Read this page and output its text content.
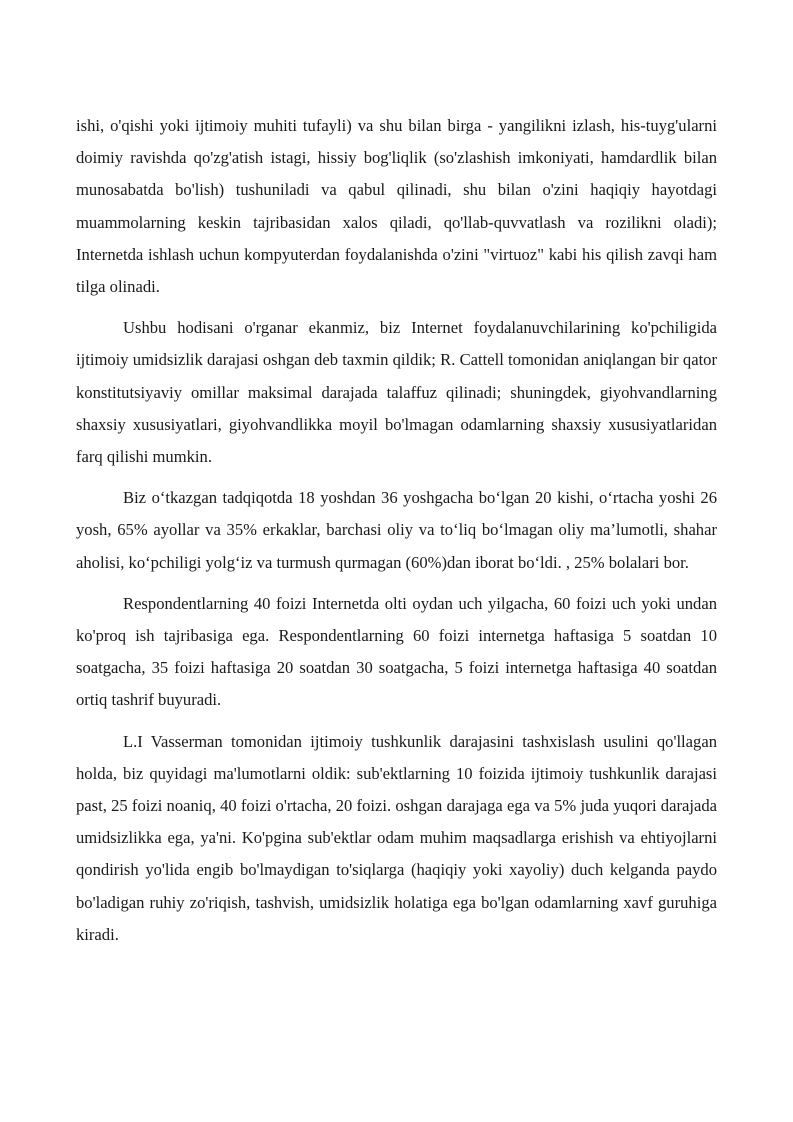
ishi, o'qishi yoki ijtimoiy muhiti tufayli) va shu bilan birga - yangilikni izlash, his-tuyg'ularni doimiy ravishda qo'zg'atish istagi, hissiy bog'liqlik (so'zlashish imkoniyati, hamdardlik bilan munosabatda bo'lish) tushuniladi va qabul qilinadi, shu bilan o'zini haqiqiy hayotdagi muammolarning keskin tajribasidan xalos qiladi, qo'llab-quvvatlash va rozilikni oladi); Internetda ishlash uchun kompyuterdan foydalanishda o'zini "virtuoz" kabi his qilish zavqi ham tilga olinadi.

Ushbu hodisani o'rganar ekanmiz, biz Internet foydalanuvchilarining ko'pchiligida ijtimoiy umidsizlik darajasi oshgan deb taxmin qildik; R. Cattell tomonidan aniqlangan bir qator konstitutsiyaviy omillar maksimal darajada talaffuz qilinadi; shuningdek, giyohvandlarning shaxsiy xususiyatlari, giyohvandlikka moyil bo'lmagan odamlarning shaxsiy xususiyatlaridan farq qilishi mumkin.

Biz o‘tkazgan tadqiqotda 18 yoshdan 36 yoshgacha bo‘lgan 20 kishi, o‘rtacha yoshi 26 yosh, 65% ayollar va 35% erkaklar, barchasi oliy va to‘liq bo‘lmagan oliy ma’lumotli, shahar aholisi, ko‘pchiligi yolg‘iz va turmush qurmagan (60%)dan iborat bo‘ldi. , 25% bolalari bor.

Respondentlarning 40 foizi Internetda olti oydan uch yilgacha, 60 foizi uch yoki undan ko'proq ish tajribasiga ega. Respondentlarning 60 foizi internetga haftasiga 5 soatdan 10 soatgacha, 35 foizi haftasiga 20 soatdan 30 soatgacha, 5 foizi internetga haftasiga 40 soatdan ortiq tashrif buyuradi.

L.I Vasserman tomonidan ijtimoiy tushkunlik darajasini tashxislash usulini qo'llagan holda, biz quyidagi ma'lumotlarni oldik: sub'ektlarning 10 foizida ijtimoiy tushkunlik darajasi past, 25 foizi noaniq, 40 foizi o'rtacha, 20 foizi. oshgan darajaga ega va 5% juda yuqori darajada umidsizlikka ega, ya'ni. Ko'pgina sub'ektlar odam muhim maqsadlarga erishish va ehtiyojlarni qondirish yo'lida engib bo'lmaydigan to'siqlarga (haqiqiy yoki xayoliy) duch kelganda paydo bo'ladigan ruhiy zo'riqish, tashvish, umidsizlik holatiga ega bo'lgan odamlarning xavf guruhiga kiradi.
